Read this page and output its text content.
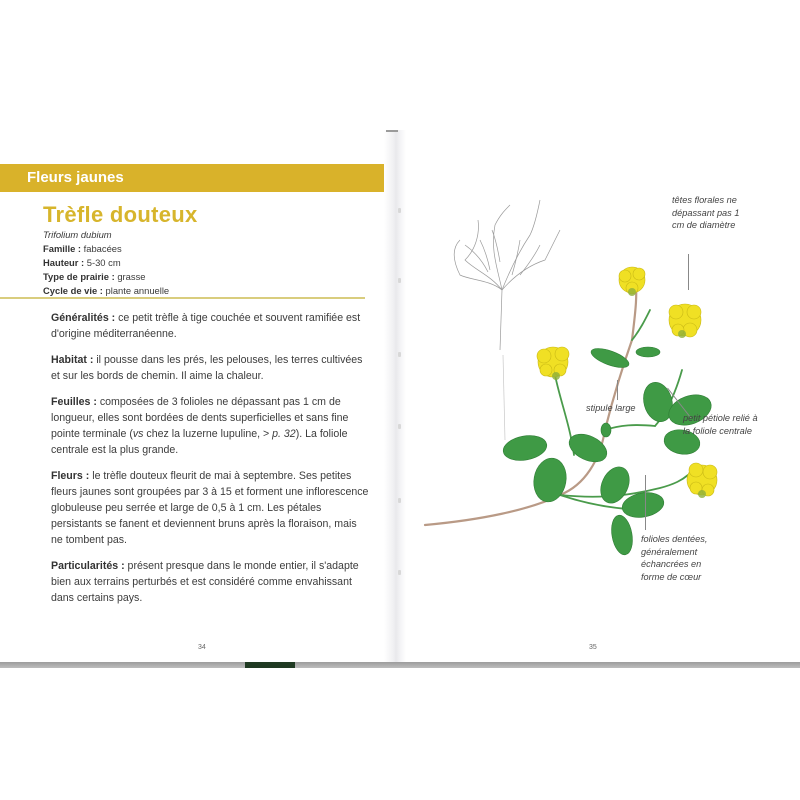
Fleurs jaunes
Trèfle douteux
Trifolium dubium
Famille : fabacées
Hauteur : 5-30 cm
Type de prairie : grasse
Cycle de vie : plante annuelle

Généralités : ce petit trèfle à tige couchée et souvent ramifiée est d'origine méditerranéenne.

Habitat : il pousse dans les prés, les pelouses, les terres cultivées et sur les bords de chemin. Il aime la chaleur.

Feuilles : composées de 3 folioles ne dépassant pas 1 cm de longueur, elles sont bordées de dents superficielles et sans fine pointe terminale (vs chez la luzerne lupuline, > p. 32). La foliole centrale est la plus grande.

Fleurs : le trèfle douteux fleurit de mai à septembre. Ses petites fleurs jaunes sont groupées par 3 à 15 et forment une inflorescence globuleuse peu serrée et large de 0,5 à 1 cm. Les pétales persistants se fanent et deviennent bruns après la floraison, mais ne tombent pas.

Particularités : présent presque dans le monde entier, il s'adapte bien aux terrains perturbés et est considéré comme envahissant dans certains pays.

34	35
têtes florales ne dépassant pas 1 cm de diamètre
stipule large
petit pétiole relié à la foliole centrale
folioles dentées, généralement échancrées en forme de cœur
